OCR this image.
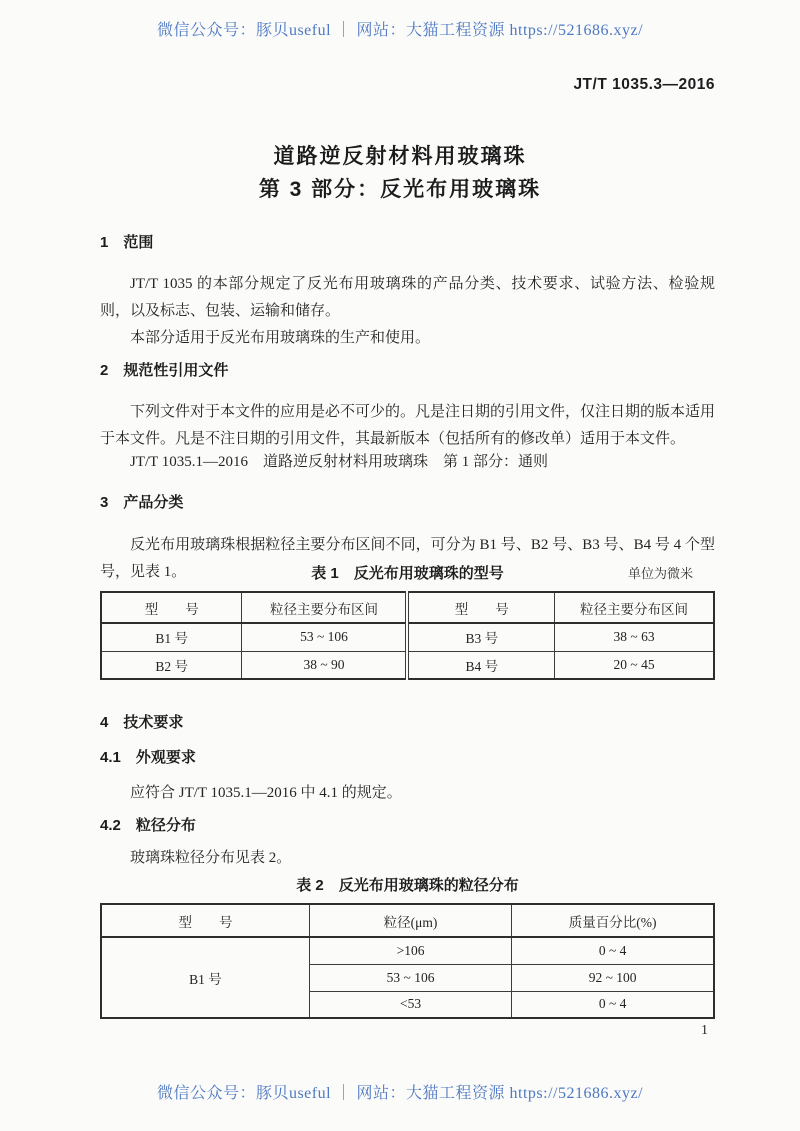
微信公众号：豚贝useful ｜ 网站：大猫工程资源 https://521686.xyz/
JT/T 1035.3—2016
道路逆反射材料用玻璃珠
第 3 部分：反光布用玻璃珠
1　范围
JT/T 1035 的本部分规定了反光布用玻璃珠的产品分类、技术要求、试验方法、检验规则，以及标志、包装、运输和储存。
本部分适用于反光布用玻璃珠的生产和使用。
2　规范性引用文件
下列文件对于本文件的应用是必不可少的。凡是注日期的引用文件，仅注日期的版本适用于本文件。凡是不注日期的引用文件，其最新版本（包括所有的修改单）适用于本文件。
JT/T 1035.1—2016　道路逆反射材料用玻璃珠　第 1 部分：通则
3　产品分类
反光布用玻璃珠根据粒径主要分布区间不同，可分为 B1 号、B2 号、B3 号、B4 号 4 个型号，见表 1。	表 1　反光布用玻璃珠的型号	单位为微米
型　　号	粒径主要分布区间	型　　号	粒径主要分布区间
B1 号	53 ~ 106	B3 号	38 ~ 63
B2 号	38 ~ 90	B4 号	20 ~ 45
4　技术要求
4.1　外观要求
应符合 JT/T 1035.1—2016 中 4.1 的规定。
4.2　粒径分布
玻璃珠粒径分布见表 2。
表 2　反光布用玻璃珠的粒径分布
型　　号	粒径(μm)	质量百分比(%)
B1 号	>106	0 ~ 4
	53 ~ 106	92 ~ 100
	<53	0 ~ 4
1
微信公众号：豚贝useful ｜ 网站：大猫工程资源 https://521686.xyz/
